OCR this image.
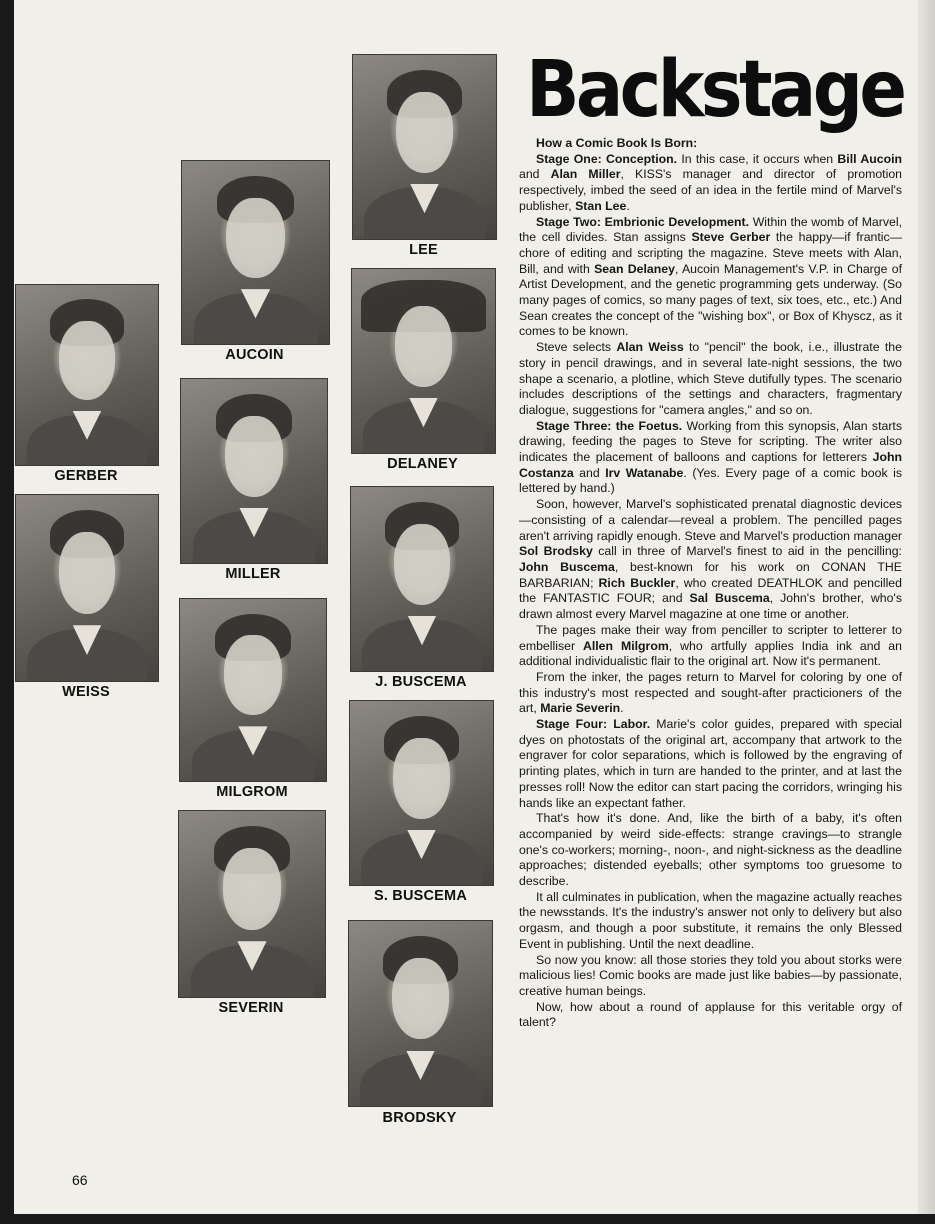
GERBER
WEISS
AUCOIN
MILLER
MILGROM
SEVERIN
LEE
DELANEY
J. BUSCEMA
S. BUSCEMA
BRODSKY
Backstage

How a Comic Book Is Born:

Stage One: Conception. In this case, it occurs when Bill Aucoin and Alan Miller, KISS's manager and director of promotion respectively, imbed the seed of an idea in the fertile mind of Marvel's publisher, Stan Lee.

Stage Two: Embrionic Development. Within the womb of Marvel, the cell divides. Stan assigns Steve Gerber the happy—if frantic—chore of editing and scripting the magazine. Steve meets with Alan, Bill, and with Sean Delaney, Aucoin Management's V.P. in Charge of Artist Development, and the genetic programming gets underway. (So many pages of comics, so many pages of text, six toes, etc., etc.) And Sean creates the concept of the "wishing box", or Box of Khyscz, as it comes to be known.

Steve selects Alan Weiss to "pencil" the book, i.e., illustrate the story in pencil drawings, and in several late-night sessions, the two shape a scenario, a plotline, which Steve dutifully types. The scenario includes descriptions of the settings and characters, fragmentary dialogue, suggestions for "camera angles," and so on.

Stage Three: the Foetus. Working from this synopsis, Alan starts drawing, feeding the pages to Steve for scripting. The writer also indicates the placement of balloons and captions for letterers John Costanza and Irv Watanabe. (Yes. Every page of a comic book is lettered by hand.)

Soon, however, Marvel's sophisticated prenatal diagnostic devices—consisting of a calendar—reveal a problem. The pencilled pages aren't arriving rapidly enough. Steve and Marvel's production manager Sol Brodsky call in three of Marvel's finest to aid in the pencilling: John Buscema, best-known for his work on CONAN THE BARBARIAN; Rich Buckler, who created DEATHLOK and pencilled the FANTASTIC FOUR; and Sal Buscema, John's brother, who's drawn almost every Marvel magazine at one time or another.

The pages make their way from penciller to scripter to letterer to embelliser Allen Milgrom, who artfully applies India ink and an additional individualistic flair to the original art. Now it's permanent.

From the inker, the pages return to Marvel for coloring by one of this industry's most respected and sought-after practicioners of the art, Marie Severin.

Stage Four: Labor. Marie's color guides, prepared with special dyes on photostats of the original art, accompany that artwork to the engraver for color separations, which is followed by the engraving of printing plates, which in turn are handed to the printer, and at last the presses roll! Now the editor can start pacing the corridors, wringing his hands like an expectant father.

That's how it's done. And, like the birth of a baby, it's often accompanied by weird side-effects: strange cravings—to strangle one's co-workers; morning-, noon-, and night-sickness as the deadline approaches; distended eyeballs; other symptoms too gruesome to describe.

It all culminates in publication, when the magazine actually reaches the newsstands. It's the industry's answer not only to delivery but also orgasm, and though a poor substitute, it remains the only Blessed Event in publishing. Until the next deadline.

So now you know: all those stories they told you about storks were malicious lies! Comic books are made just like babies—by passionate, creative human beings.

Now, how about a round of applause for this veritable orgy of talent?

66
